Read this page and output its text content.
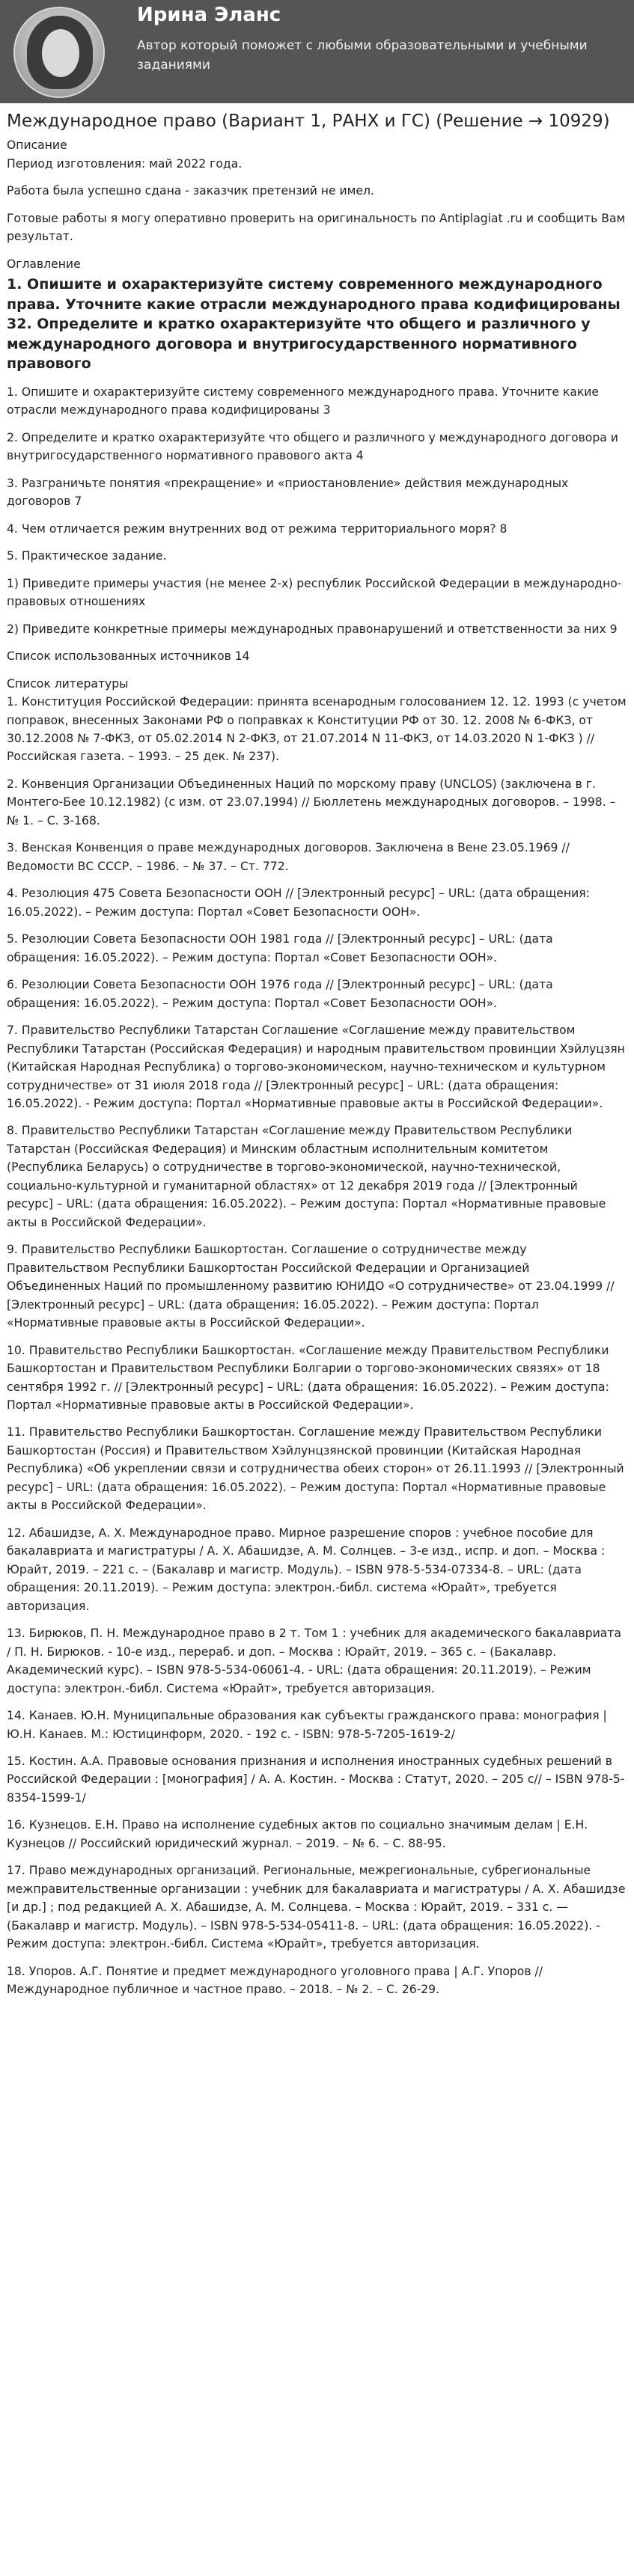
Ирина Эланс
Автор который поможет с любыми образовательными и учебными заданиями
Международное право (Вариант 1, РАНХ и ГС) (Решение → 10929)

Описание

Период изготовления: май 2022 года.

Работа была успешно сдана - заказчик претензий не имел.

Готовые работы я могу оперативно проверить на оригинальность по Antiplagiat .ru и сообщить Вам результат.

Оглавление

1. Опишите и охарактеризуйте систему современного международного права. Уточните какие отрасли международного права кодифицированы 32. Определите и кратко охарактеризуйте что общего и различного у международного договора и внутригосударственного нормативного правового

1. Опишите и охарактеризуйте систему современного международного права. Уточните какие отрасли международного права кодифицированы 3

2. Определите и кратко охарактеризуйте что общего и различного у международного договора и внутригосударственного нормативного правового акта 4

3. Разграничьте понятия «прекращение» и «приостановление» действия международных договоров 7

4. Чем отличается режим внутренних вод от режима территориального моря? 8

5. Практическое задание.

1) Приведите примеры участия (не менее 2-х) республик Российской Федерации в международно-правовых отношениях

2) Приведите конкретные примеры международных правонарушений и ответственности за них 9

Список использованных источников 14

Список литературы

1. Конституция Российской Федерации: принята всенародным голосованием 12. 12. 1993 (с учетом поправок, внесенных Законами РФ о поправках к Конституции РФ от 30. 12. 2008 № 6-ФКЗ, от 30.12.2008 № 7-ФКЗ, от 05.02.2014 N 2-ФКЗ, от 21.07.2014 N 11-ФКЗ, от 14.03.2020 N 1-ФКЗ ) // Российская газета. – 1993. – 25 дек. № 237).

2. Конвенция Организации Объединенных Наций по морскому праву (UNCLOS) (заключена в г. Монтего-Бее 10.12.1982) (с изм. от 23.07.1994) // Бюллетень международных договоров. – 1998. – № 1. – С. 3-168.

3. Венская Конвенция о праве международных договоров. Заключена в Вене 23.05.1969 // Ведомости ВС СССР. – 1986. – № 37. – Ст. 772.

4. Резолюция 475 Совета Безопасности ООН // [Электронный ресурс] – URL: (дата обращения: 16.05.2022). – Режим доступа: Портал «Совет Безопасности ООН».

5. Резолюции Совета Безопасности ООН 1981 года // [Электронный ресурс] – URL: (дата обращения: 16.05.2022). – Режим доступа: Портал «Совет Безопасности ООН».

6. Резолюции Совета Безопасности ООН 1976 года // [Электронный ресурс] – URL: (дата обращения: 16.05.2022). – Режим доступа: Портал «Совет Безопасности ООН».

7. Правительство Республики Татарстан Соглашение «Соглашение между правительством Республики Татарстан (Российская Федерация) и народным правительством провинции Хэйлуцзян (Китайская Народная Республика) о торгово-экономическом, научно-техническом и культурном сотрудничестве» от 31 июля 2018 года // [Электронный ресурс] – URL: (дата обращения: 16.05.2022). - Режим доступа: Портал «Нормативные правовые акты в Российской Федерации».

8. Правительство Республики Татарстан «Соглашение между Правительством Республики Татарстан (Российская Федерация) и Минским областным исполнительным комитетом (Республика Беларусь) о сотрудничестве в торгово-экономической, научно-технической, социально-культурной и гуманитарной областях» от 12 декабря 2019 года // [Электронный ресурс] – URL: (дата обращения: 16.05.2022). – Режим доступа: Портал «Нормативные правовые акты в Российской Федерации».

9. Правительство Республики Башкортостан. Соглашение о сотрудничестве между Правительством Республики Башкортостан Российской Федерации и Организацией Объединенных Наций по промышленному развитию ЮНИДО «О сотрудничестве» от 23.04.1999 // [Электронный ресурс] – URL: (дата обращения: 16.05.2022). – Режим доступа: Портал «Нормативные правовые акты в Российской Федерации».

10. Правительство Республики Башкортостан. «Соглашение между Правительством Республики Башкортостан и Правительством Республики Болгарии о торгово-экономических связях» от 18 сентября 1992 г. // [Электронный ресурс] – URL: (дата обращения: 16.05.2022). – Режим доступа: Портал «Нормативные правовые акты в Российской Федерации».

11. Правительство Республики Башкортостан. Соглашение между Правительством Республики Башкортостан (Россия) и Правительством Хэйлунцзянской провинции (Китайская Народная Республика) «Об укреплении связи и сотрудничества обеих сторон» от 26.11.1993 // [Электронный ресурс] – URL: (дата обращения: 16.05.2022). – Режим доступа: Портал «Нормативные правовые акты в Российской Федерации».

12. Абашидзе, А. Х. Международное право. Мирное разрешение споров : учебное пособие для бакалавриата и магистратуры / А. Х. Абашидзе, А. М. Солнцев. – 3-е изд., испр. и доп. – Москва : Юрайт, 2019. – 221 с. – (Бакалавр и магистр. Модуль). – ISBN 978-5-534-07334-8. – URL: (дата обращения: 20.11.2019). – Режим доступа: электрон.-библ. система «Юрайт», требуется авторизация.

13. Бирюков, П. Н. Международное право в 2 т. Том 1 : учебник для академического бакалавриата / П. Н. Бирюков. - 10-е изд., перераб. и доп. – Москва : Юрайт, 2019. – 365 с. – (Бакалавр. Академический курс). – ISBN 978-5-534-06061-4. - URL: (дата обращения: 20.11.2019). – Режим доступа: электрон.-библ. Система «Юрайт», требуется авторизация.

14. Канаев. Ю.Н. Муниципальные образования как субъекты гражданского права: монография | Ю.Н. Канаев. М.: Юстицинформ, 2020. - 192 с. - ISBN: 978-5-7205-1619-2/

15. Костин. А.А. Правовые основания признания и исполнения иностранных судебных решений в Российской Федерации : [монография] / А. А. Костин. - Москва : Статут, 2020. – 205 с// – ISBN 978-5-8354-1599-1/

16. Кузнецов. Е.Н. Право на исполнение судебных актов по социально значимым делам | Е.Н. Кузнецов // Российский юридический журнал. – 2019. – № 6. – С. 88-95.

17. Право международных организаций. Региональные, межрегиональные, субрегиональные межправительственные организации : учебник для бакалавриата и магистратуры / А. Х. Абашидзе [и др.] ; под редакцией А. Х. Абашидзе, А. М. Солнцева. – Москва : Юрайт, 2019. – 331 с. — (Бакалавр и магистр. Модуль). – ISBN 978-5-534-05411-8. – URL: (дата обращения: 16.05.2022). - Режим доступа: электрон.-библ. Система «Юрайт», требуется авторизация.

18. Упоров. А.Г. Понятие и предмет международного уголовного права | А.Г. Упоров // Международное публичное и частное право. – 2018. – № 2. – С. 26-29.
